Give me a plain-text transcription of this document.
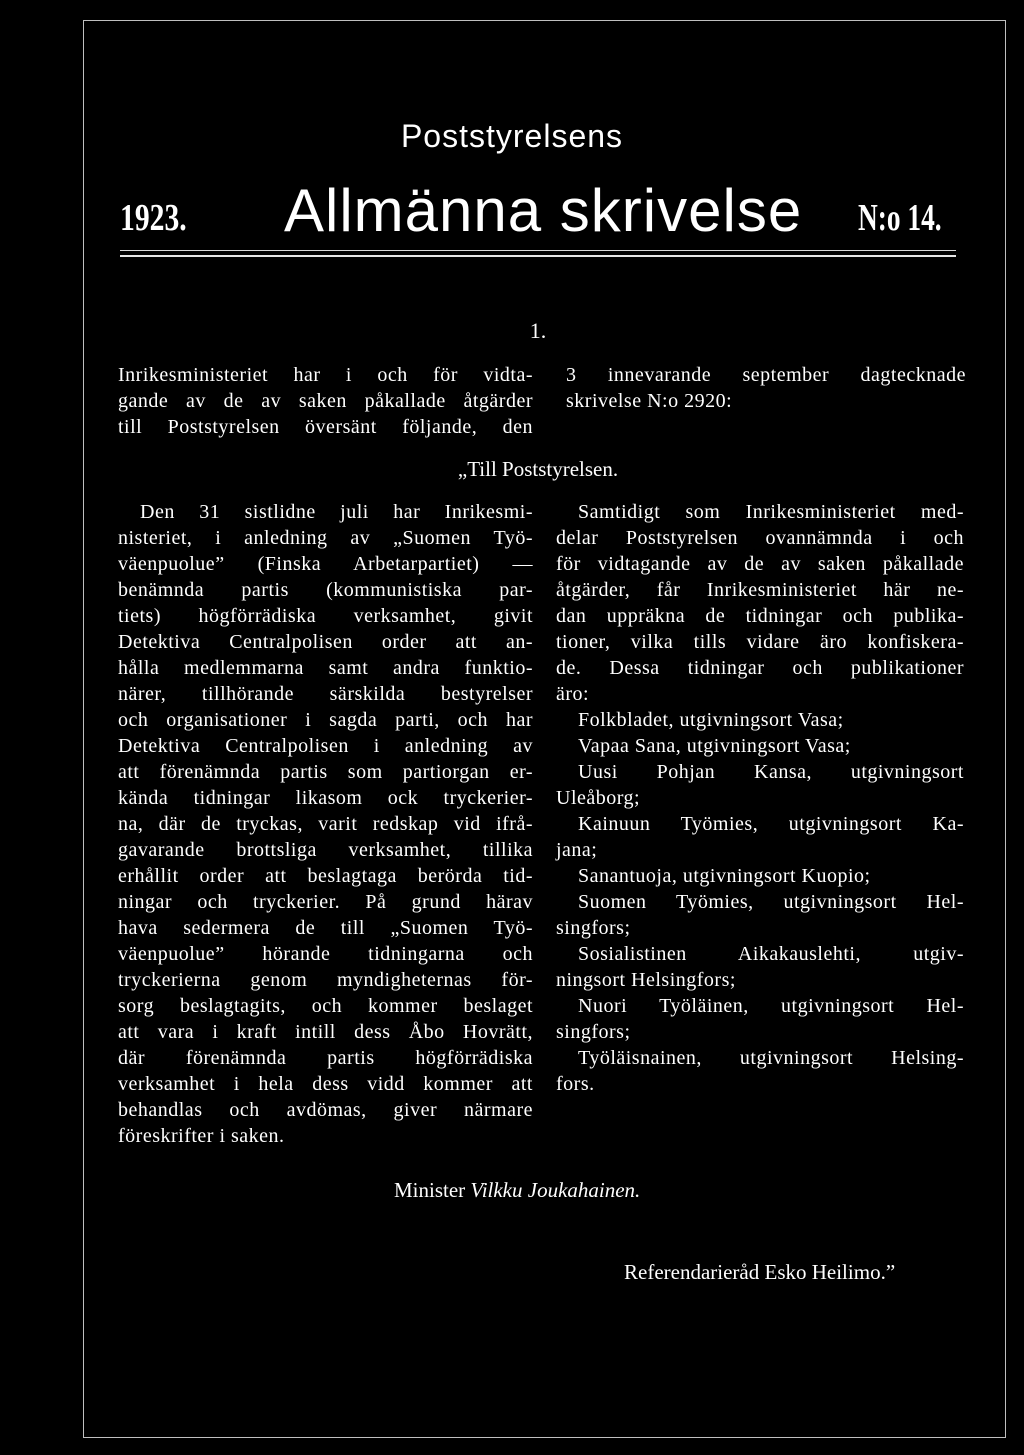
Poststyrelsens
1923. Allmänna skrivelse N:o 14.
1.
Inrikesministeriet har i och för vidta-
gande av de av saken påkallade åtgärder
till Poststyrelsen översänt följande, den
3 innevarande september dagtecknade
skrivelse N:o 2920:
„Till Poststyrelsen.
Den 31 sistlidne juli har Inrikesmi-
nisteriet, i anledning av „Suomen Työ-
väenpuolue” (Finska Arbetarpartiet) —
benämnda partis (kommunistiska par-
tiets) högförrädiska verksamhet, givit
Detektiva Centralpolisen order att an-
hålla medlemmarna samt andra funktio-
närer, tillhörande särskilda bestyrelser
och organisationer i sagda parti, och har
Detektiva Centralpolisen i anledning av
att förenämnda partis som partiorgan er-
kända tidningar likasom ock tryckerier-
na, där de tryckas, varit redskap vid ifrå-
gavarande brottsliga verksamhet, tillika
erhållit order att beslagtaga berörda tid-
ningar och tryckerier. På grund härav
hava sedermera de till „Suomen Työ-
väenpuolue” hörande tidningarna och
tryckerierna genom myndigheternas för-
sorg beslagtagits, och kommer beslaget
att vara i kraft intill dess Åbo Hovrätt,
där förenämnda partis högförrädiska
verksamhet i hela dess vidd kommer att
behandlas och avdömas, giver närmare
föreskrifter i saken.
Samtidigt som Inrikesministeriet med-
delar Poststyrelsen ovannämnda i och
för vidtagande av de av saken påkallade
åtgärder, får Inrikesministeriet här ne-
dan uppräkna de tidningar och publika-
tioner, vilka tills vidare äro konfiskera-
de. Dessa tidningar och publikationer
äro:
Folkbladet, utgivningsort Vasa;
Vapaa Sana, utgivningsort Vasa;
Uusi Pohjan Kansa, utgivningsort
Uleåborg;
Kainuun Työmies, utgivningsort Ka-
jana;
Sanantuoja, utgivningsort Kuopio;
Suomen Työmies, utgivningsort Hel-
singfors;
Sosialistinen Aikakauslehti, utgiv-
ningsort Helsingfors;
Nuori Työläinen, utgivningsort Hel-
singfors;
Työläisnainen, utgivningsort Helsing-
fors.
Minister Vilkku Joukahainen.
Referendarieråd Esko Heilimo.”
